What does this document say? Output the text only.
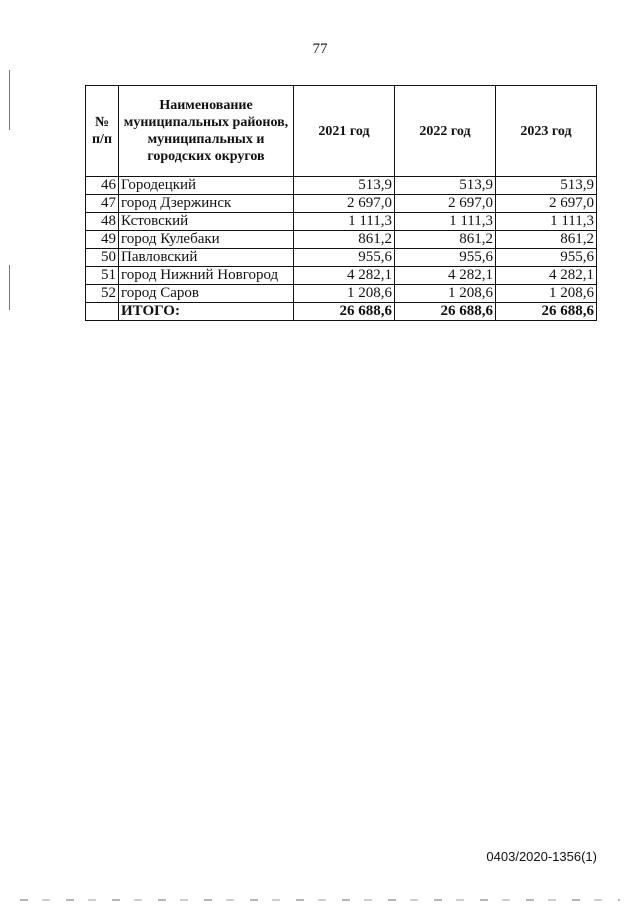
77
№ п/п	Наименование муниципальных районов, муниципальных и городских округов	2021 год	2022 год	2023 год
46	Городецкий	513,9	513,9	513,9
47	город Дзержинск	2 697,0	2 697,0	2 697,0
48	Кстовский	1 111,3	1 111,3	1 111,3
49	город Кулебаки	861,2	861,2	861,2
50	Павловский	955,6	955,6	955,6
51	город Нижний Новгород	4 282,1	4 282,1	4 282,1
52	город Саров	1 208,6	1 208,6	1 208,6
	ИТОГО:	26 688,6	26 688,6	26 688,6
0403/2020-1356(1)
